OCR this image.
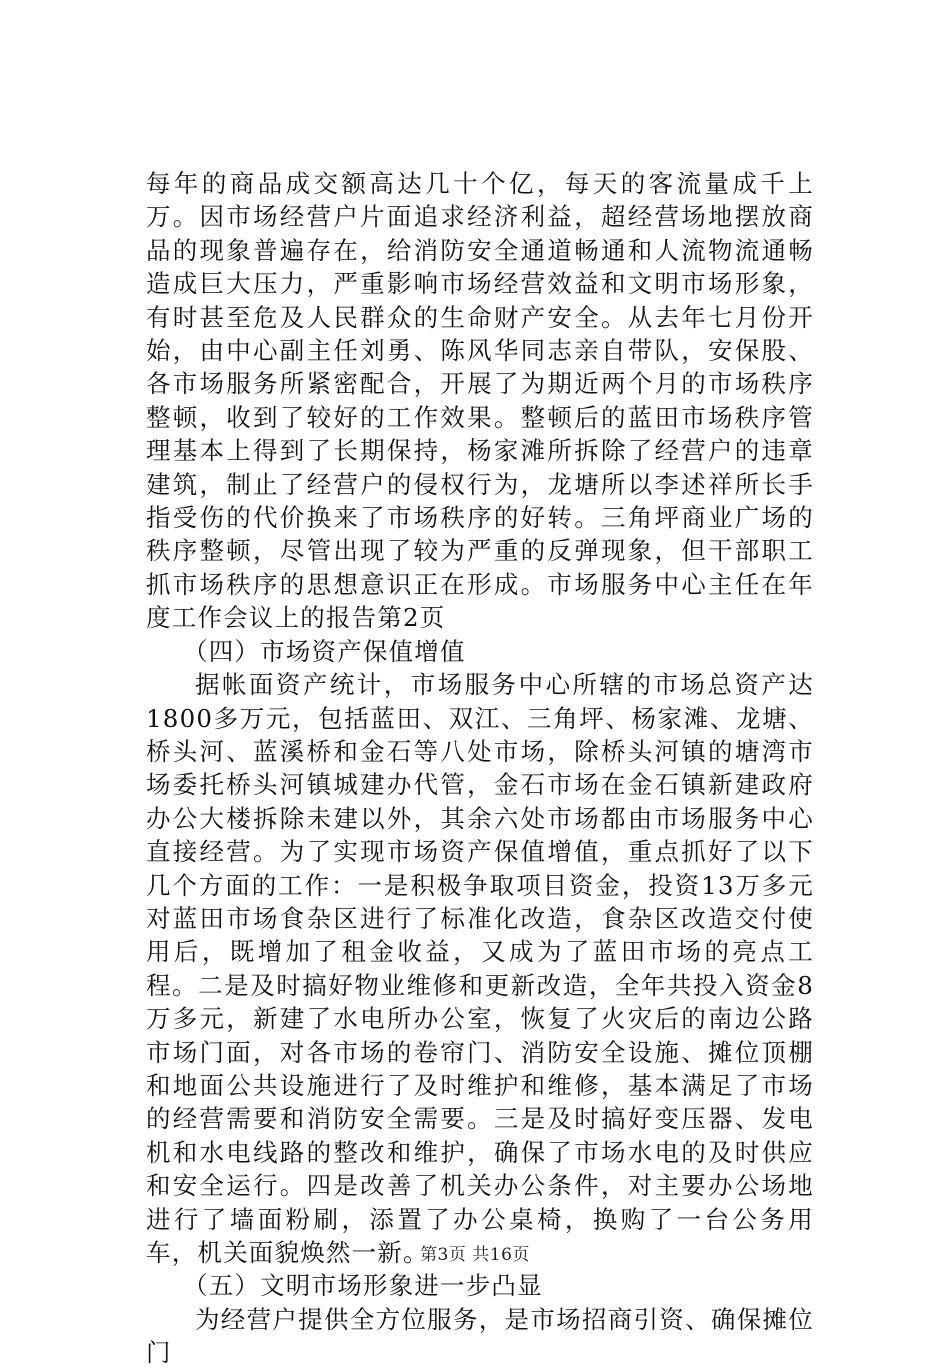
每年的商品成交额高达几十个亿，每天的客流量成千上万。因市场经营户片面追求经济利益，超经营场地摆放商品的现象普遍存在，给消防安全通道畅通和人流物流通畅造成巨大压力，严重影响市场经营效益和文明市场形象，有时甚至危及人民群众的生命财产安全。从去年七月份开始，由中心副主任刘勇、陈风华同志亲自带队，安保股、各市场服务所紧密配合，开展了为期近两个月的市场秩序整顿，收到了较好的工作效果。整顿后的蓝田市场秩序管理基本上得到了长期保持，杨家滩所拆除了经营户的违章建筑，制止了经营户的侵权行为，龙塘所以李述祥所长手指受伤的代价换来了市场秩序的好转。三角坪商业广场的秩序整顿，尽管出现了较为严重的反弹现象，但干部职工抓市场秩序的思想意识正在形成。市场服务中心主任在年度工作会议上的报告第2页

（四）市场资产保值增值

据帐面资产统计，市场服务中心所辖的市场总资产达1800多万元，包括蓝田、双江、三角坪、杨家滩、龙塘、桥头河、蓝溪桥和金石等八处市场，除桥头河镇的塘湾市场委托桥头河镇城建办代管，金石市场在金石镇新建政府办公大楼拆除未建以外，其余六处市场都由市场服务中心直接经营。为了实现市场资产保值增值，重点抓好了以下几个方面的工作：一是积极争取项目资金，投资13万多元对蓝田市场食杂区进行了标准化改造，食杂区改造交付使用后，既增加了租金收益，又成为了蓝田市场的亮点工程。二是及时搞好物业维修和更新改造，全年共投入资金8万多元，新建了水电所办公室，恢复了火灾后的南边公路市场门面，对各市场的卷帘门、消防安全设施、摊位顶棚和地面公共设施进行了及时维护和维修，基本满足了市场的经营需要和消防安全需要。三是及时搞好变压器、发电机和水电线路的整改和维护，确保了市场水电的及时供应和安全运行。四是改善了机关办公条件，对主要办公场地进行了墙面粉刷，添置了办公桌椅，换购了一台公务用车，机关面貌焕然一新。

（五）文明市场形象进一步凸显

为经营户提供全方位服务，是市场招商引资、确保摊位门

第3页 共16页
